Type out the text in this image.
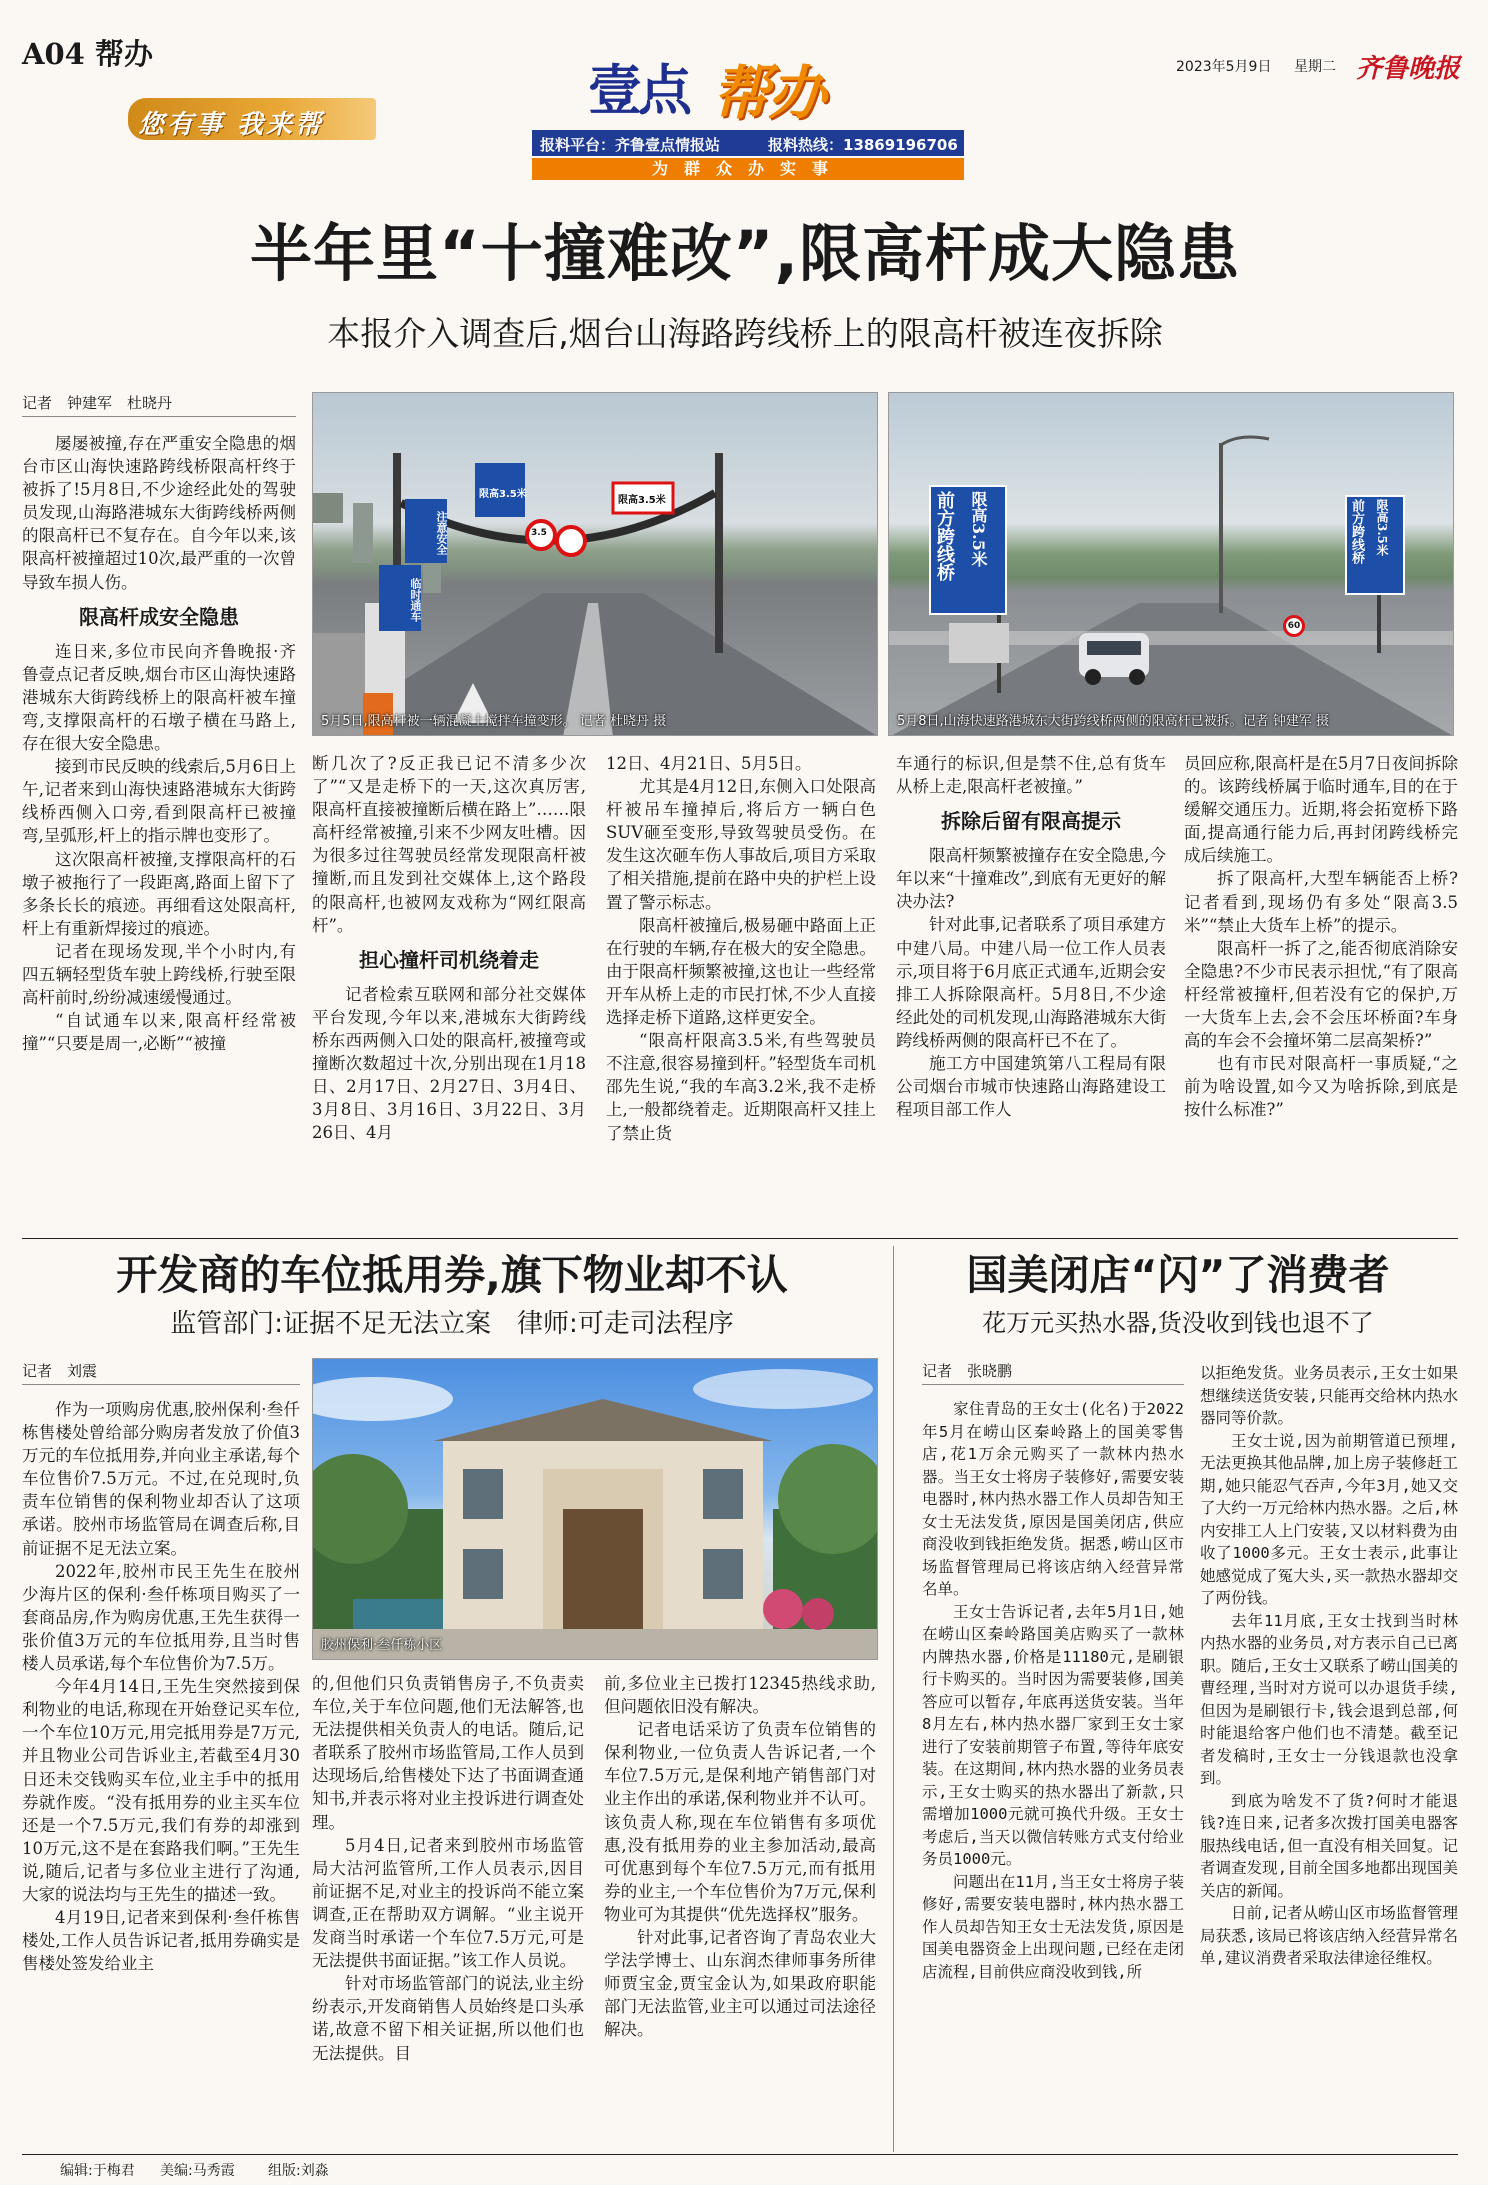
A04 帮办
您有事 我来帮
壹点 帮办
报料平台：齐鲁壹点情报站	报料热线：13869196706
为群众办实事
2023年5月9日 星期二 齐鲁晚报
半年里“十撞难改”,限高杆成大隐患
本报介入调查后,烟台山海路跨线桥上的限高杆被连夜拆除
记者　钟建军　杜晓丹
注意安全
临时通车
限高3.5米
限高3.5米
3.5
5月5日,限高杆被一辆混凝土搅拌车撞变形。 记者 杜晓丹 摄
前方跨线桥 限高3.5米	前方跨线桥 限高3.5米
60
5月8日,山海快速路港城东大街跨线桥两侧的限高杆已被拆。记者 钟建军 摄

屡屡被撞,存在严重安全隐患的烟台市区山海快速路跨线桥限高杆终于被拆了!5月8日,不少途经此处的驾驶员发现,山海路港城东大街跨线桥两侧的限高杆已不复存在。自今年以来,该限高杆被撞超过10次,最严重的一次曾导致车损人伤。

限高杆成安全隐患

连日来,多位市民向齐鲁晚报·齐鲁壹点记者反映,烟台市区山海快速路港城东大街跨线桥上的限高杆被车撞弯,支撑限高杆的石墩子横在马路上,存在很大安全隐患。

接到市民反映的线索后,5月6日上午,记者来到山海快速路港城东大街跨线桥西侧入口旁,看到限高杆已被撞弯,呈弧形,杆上的指示牌也变形了。

这次限高杆被撞,支撑限高杆的石墩子被拖行了一段距离,路面上留下了多条长长的痕迹。再细看这处限高杆,杆上有重新焊接过的痕迹。

记者在现场发现,半个小时内,有四五辆轻型货车驶上跨线桥,行驶至限高杆前时,纷纷减速缓慢通过。

“自试通车以来,限高杆经常被撞”“只要是周一,必断”“被撞

断几次了?反正我已记不清多少次了”“又是走桥下的一天,这次真厉害,限高杆直接被撞断后横在路上”……限高杆经常被撞,引来不少网友吐槽。因为很多过往驾驶员经常发现限高杆被撞断,而且发到社交媒体上,这个路段的限高杆,也被网友戏称为“网红限高杆”。

担心撞杆司机绕着走

记者检索互联网和部分社交媒体平台发现,今年以来,港城东大街跨线桥东西两侧入口处的限高杆,被撞弯或撞断次数超过十次,分别出现在1月18日、2月17日、2月27日、3月4日、3月8日、3月16日、3月22日、3月26日、4月

12日、4月21日、5月5日。

尤其是4月12日,东侧入口处限高杆被吊车撞掉后,将后方一辆白色SUV砸至变形,导致驾驶员受伤。在发生这次砸车伤人事故后,项目方采取了相关措施,提前在路中央的护栏上设置了警示标志。

限高杆被撞后,极易砸中路面上正在行驶的车辆,存在极大的安全隐患。由于限高杆频繁被撞,这也让一些经常开车从桥上走的市民打怵,不少人直接选择走桥下道路,这样更安全。

“限高杆限高3.5米,有些驾驶员不注意,很容易撞到杆。”轻型货车司机邵先生说,“我的车高3.2米,我不走桥上,一般都绕着走。近期限高杆又挂上了禁止货

车通行的标识,但是禁不住,总有货车从桥上走,限高杆老被撞。”

拆除后留有限高提示

限高杆频繁被撞存在安全隐患,今年以来“十撞难改”,到底有无更好的解决办法?

针对此事,记者联系了项目承建方中建八局。中建八局一位工作人员表示,项目将于6月底正式通车,近期会安排工人拆除限高杆。5月8日,不少途经此处的司机发现,山海路港城东大街跨线桥两侧的限高杆已不在了。

施工方中国建筑第八工程局有限公司烟台市城市快速路山海路建设工程项目部工作人

员回应称,限高杆是在5月7日夜间拆除的。该跨线桥属于临时通车,目的在于缓解交通压力。近期,将会拓宽桥下路面,提高通行能力后,再封闭跨线桥完成后续施工。

拆了限高杆,大型车辆能否上桥?记者看到,现场仍有多处“限高3.5米”“禁止大货车上桥”的提示。

限高杆一拆了之,能否彻底消除安全隐患?不少市民表示担忧,“有了限高杆经常被撞杆,但若没有它的保护,万一大货车上去,会不会压坏桥面?车身高的车会不会撞坏第二层高架桥?”

也有市民对限高杆一事质疑,“之前为啥设置,如今又为啥拆除,到底是按什么标准?”

开发商的车位抵用券,旗下物业却不认
监管部门:证据不足无法立案　律师:可走司法程序
记者　刘震
胶州保利·叁仟栋小区

作为一项购房优惠,胶州保利·叁仟栋售楼处曾给部分购房者发放了价值3万元的车位抵用券,并向业主承诺,每个车位售价7.5万元。不过,在兑现时,负责车位销售的保利物业却否认了这项承诺。胶州市场监管局在调查后称,目前证据不足无法立案。

2022年,胶州市民王先生在胶州少海片区的保利·叁仟栋项目购买了一套商品房,作为购房优惠,王先生获得一张价值3万元的车位抵用券,且当时售楼人员承诺,每个车位售价为7.5万。

今年4月14日,王先生突然接到保利物业的电话,称现在开始登记买车位,一个车位10万元,用完抵用券是7万元,并且物业公司告诉业主,若截至4月30日还未交钱购买车位,业主手中的抵用券就作废。“没有抵用券的业主买车位还是一个7.5万元,我们有券的却涨到10万元,这不是在套路我们啊。”王先生说,随后,记者与多位业主进行了沟通,大家的说法均与王先生的描述一致。

4月19日,记者来到保利·叁仟栋售楼处,工作人员告诉记者,抵用券确实是售楼处签发给业主

的,但他们只负责销售房子,不负责卖车位,关于车位问题,他们无法解答,也无法提供相关负责人的电话。随后,记者联系了胶州市场监管局,工作人员到达现场后,给售楼处下达了书面调查通知书,并表示将对业主投诉进行调查处理。

5月4日,记者来到胶州市场监管局大沽河监管所,工作人员表示,因目前证据不足,对业主的投诉尚不能立案调查,正在帮助双方调解。“业主说开发商当时承诺一个车位7.5万元,可是无法提供书面证据。”该工作人员说。

针对市场监管部门的说法,业主纷纷表示,开发商销售人员始终是口头承诺,故意不留下相关证据,所以他们也无法提供。目

前,多位业主已拨打12345热线求助,但问题依旧没有解决。

记者电话采访了负责车位销售的保利物业,一位负责人告诉记者,一个车位7.5万元,是保利地产销售部门对业主作出的承诺,保利物业并不认可。该负责人称,现在车位销售有多项优惠,没有抵用券的业主参加活动,最高可优惠到每个车位7.5万元,而有抵用券的业主,一个车位售价为7万元,保利物业可为其提供“优先选择权”服务。

针对此事,记者咨询了青岛农业大学法学博士、山东润杰律师事务所律师贾宝金,贾宝金认为,如果政府职能部门无法监管,业主可以通过司法途径解决。

国美闭店“闪”了消费者
花万元买热水器,货没收到钱也退不了
记者　张晓鹏

家住青岛的王女士(化名)于2022年5月在崂山区秦岭路上的国美零售店,花1万余元购买了一款林内热水器。当王女士将房子装修好,需要安装电器时,林内热水器工作人员却告知王女士无法发货,原因是国美闭店,供应商没收到钱拒绝发货。据悉,崂山区市场监督管理局已将该店纳入经营异常名单。

王女士告诉记者,去年5月1日,她在崂山区秦岭路国美店购买了一款林内牌热水器,价格是11180元,是刷银行卡购买的。当时因为需要装修,国美答应可以暂存,年底再送货安装。当年8月左右,林内热水器厂家到王女士家进行了安装前期管子布置,等待年底安装。在这期间,林内热水器的业务员表示,王女士购买的热水器出了新款,只需增加1000元就可换代升级。王女士考虑后,当天以微信转账方式支付给业务员1000元。

问题出在11月,当王女士将房子装修好,需要安装电器时,林内热水器工作人员却告知王女士无法发货,原因是国美电器资金上出现问题,已经在走闭店流程,目前供应商没收到钱,所

以拒绝发货。业务员表示,王女士如果想继续送货安装,只能再交给林内热水器同等价款。

王女士说,因为前期管道已预埋,无法更换其他品牌,加上房子装修赶工期,她只能忍气吞声,今年3月,她又交了大约一万元给林内热水器。之后,林内安排工人上门安装,又以材料费为由收了1000多元。王女士表示,此事让她感觉成了冤大头,买一款热水器却交了两份钱。

去年11月底,王女士找到当时林内热水器的业务员,对方表示自己已离职。随后,王女士又联系了崂山国美的曹经理,当时对方说可以办退货手续,但因为是刷银行卡,钱会退到总部,何时能退给客户他们也不清楚。截至记者发稿时,王女士一分钱退款也没拿到。

到底为啥发不了货?何时才能退钱?连日来,记者多次拨打国美电器客服热线电话,但一直没有相关回复。记者调查发现,目前全国多地都出现国美关店的新闻。

日前,记者从崂山区市场监督管理局获悉,该局已将该店纳入经营异常名单,建议消费者采取法律途径维权。

编辑:于梅君 美编:马秀霞 组版:刘淼
